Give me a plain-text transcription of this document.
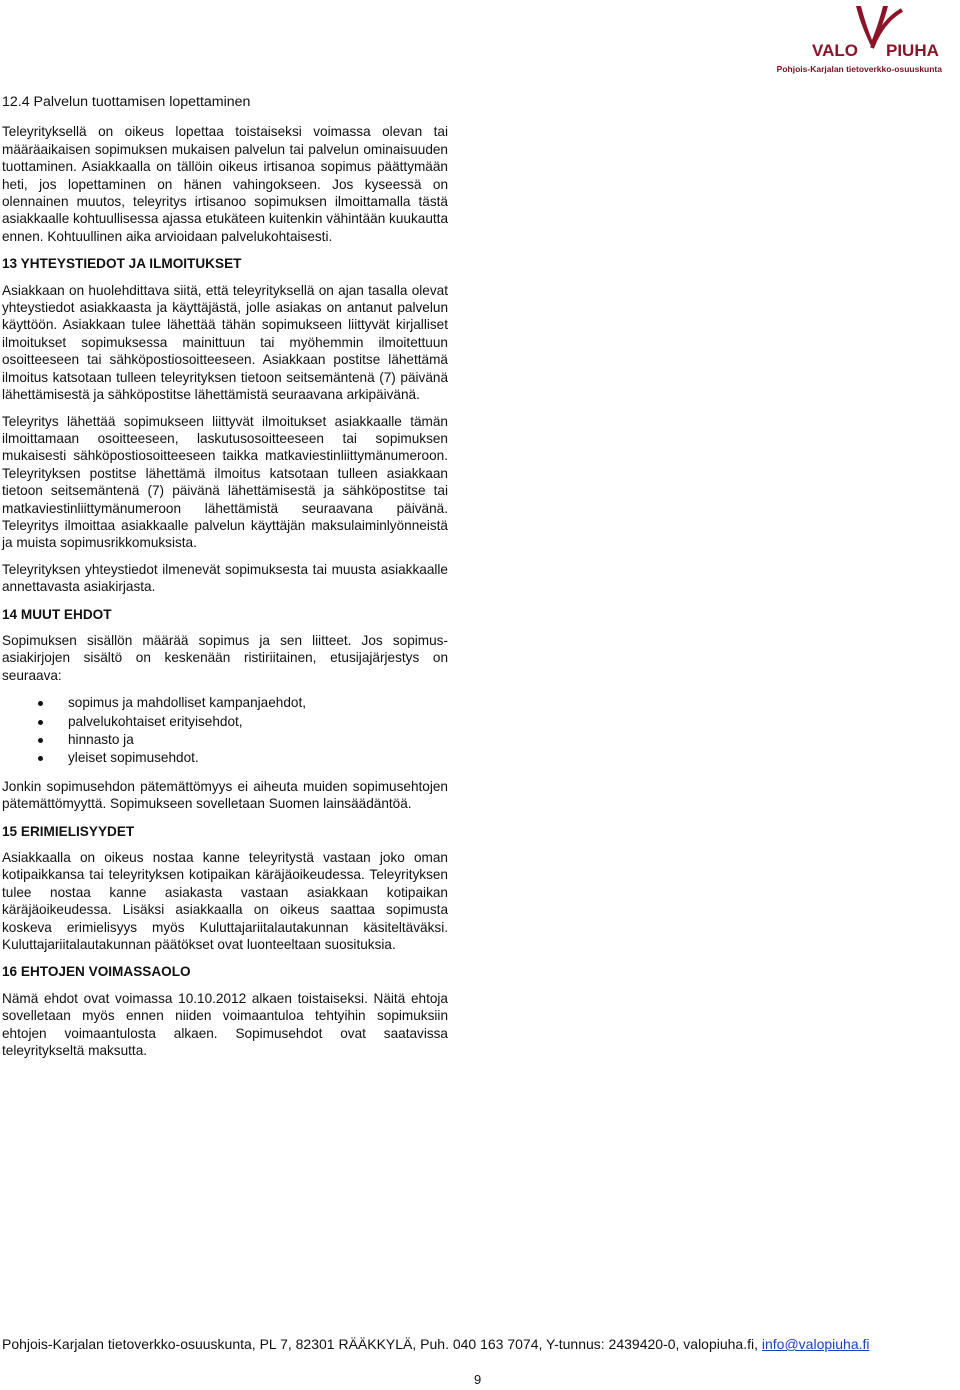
VALO PIUHA
Pohjois-Karjalan tietoverkko-osuuskunta
12.4 Palvelun tuottamisen lopettaminen

Teleyrityksellä on oikeus lopettaa toistaiseksi voimassa olevan tai määräaikaisen sopimuksen mukaisen palvelun tai palvelun ominaisuuden tuottaminen. Asiakkaalla on tällöin oikeus irtisanoa sopimus päättymään heti, jos lopettaminen on hänen vahingokseen. Jos kyseessä on olennainen muutos, teleyritys irtisanoo sopimuksen ilmoittamalla tästä asiakkaalle kohtuullisessa ajassa etukäteen kuitenkin vähintään kuukautta ennen. Kohtuullinen aika arvioidaan palvelukohtaisesti.

13 YHTEYSTIEDOT JA ILMOITUKSET

Asiakkaan on huolehdittava siitä, että teleyrityksellä on ajan tasalla olevat yhteystiedot asiakkaasta ja käyttäjästä, jolle asiakas on antanut palvelun käyttöön. Asiakkaan tulee lähettää tähän sopimukseen liittyvät kirjalliset ilmoitukset sopimuksessa mainittuun tai myöhemmin ilmoitettuun osoitteeseen tai sähköpostiosoitteeseen. Asiakkaan postitse lähettämä ilmoitus katsotaan tulleen teleyrityksen tietoon seitsemäntenä (7) päivänä lähettämisestä ja sähköpostitse lähettämistä seuraavana arkipäivänä.

Teleyritys lähettää sopimukseen liittyvät ilmoitukset asiakkaalle tämän ilmoittamaan osoitteeseen, laskutusosoitteeseen tai sopimuksen mukaisesti sähköpostiosoitteeseen taikka matkaviestinliittymänumeroon. Teleyrityksen postitse lähettämä ilmoitus katsotaan tulleen asiakkaan tietoon seitsemäntenä (7) päivänä lähettämisestä ja sähköpostitse tai matkaviestinliittymänumeroon lähettämistä seuraavana päivänä. Teleyritys ilmoittaa asiakkaalle palvelun käyttäjän maksulaiminlyönneistä ja muista sopimusrikkomuksista.

Teleyrityksen yhteystiedot ilmenevät sopimuksesta tai muusta asiakkaalle annettavasta asiakirjasta.

14 MUUT EHDOT

Sopimuksen sisällön määrää sopimus ja sen liitteet. Jos sopimusasiakirjojen sisältö on keskenään ristiriitainen, etusijajärjestys on seuraava:

sopimus ja mahdolliset kampanjaehdot,
palvelukohtaiset erityisehdot,
hinnasto ja
yleiset sopimusehdot.

Jonkin sopimusehdon pätemättömyys ei aiheuta muiden sopimusehtojen pätemättömyyttä. Sopimukseen sovelletaan Suomen lainsäädäntöä.

15 ERIMIELISYYDET

Asiakkaalla on oikeus nostaa kanne teleyritystä vastaan joko oman kotipaikkansa tai teleyrityksen kotipaikan käräjäoikeudessa. Teleyrityksen tulee nostaa kanne asiakasta vastaan asiakkaan kotipaikan käräjäoikeudessa. Lisäksi asiakkaalla on oikeus saattaa sopimusta koskeva erimielisyys myös Kuluttajariitalautakunnan käsiteltäväksi. Kuluttajariitalautakunnan päätökset ovat luonteeltaan suosituksia.

16 EHTOJEN VOIMASSAOLO

Nämä ehdot ovat voimassa 10.10.2012 alkaen toistaiseksi. Näitä ehtoja sovelletaan myös ennen niiden voimaantuloa tehtyihin sopimuksiin ehtojen voimaantulosta alkaen. Sopimusehdot ovat saatavissa teleyritykseltä maksutta.

Pohjois-Karjalan tietoverkko-osuuskunta, PL 7, 82301 RÄÄKKYLÄ, Puh. 040 163 7074, Y-tunnus: 2439420-0, valopiuha.fi, info@valopiuha.fi
9
